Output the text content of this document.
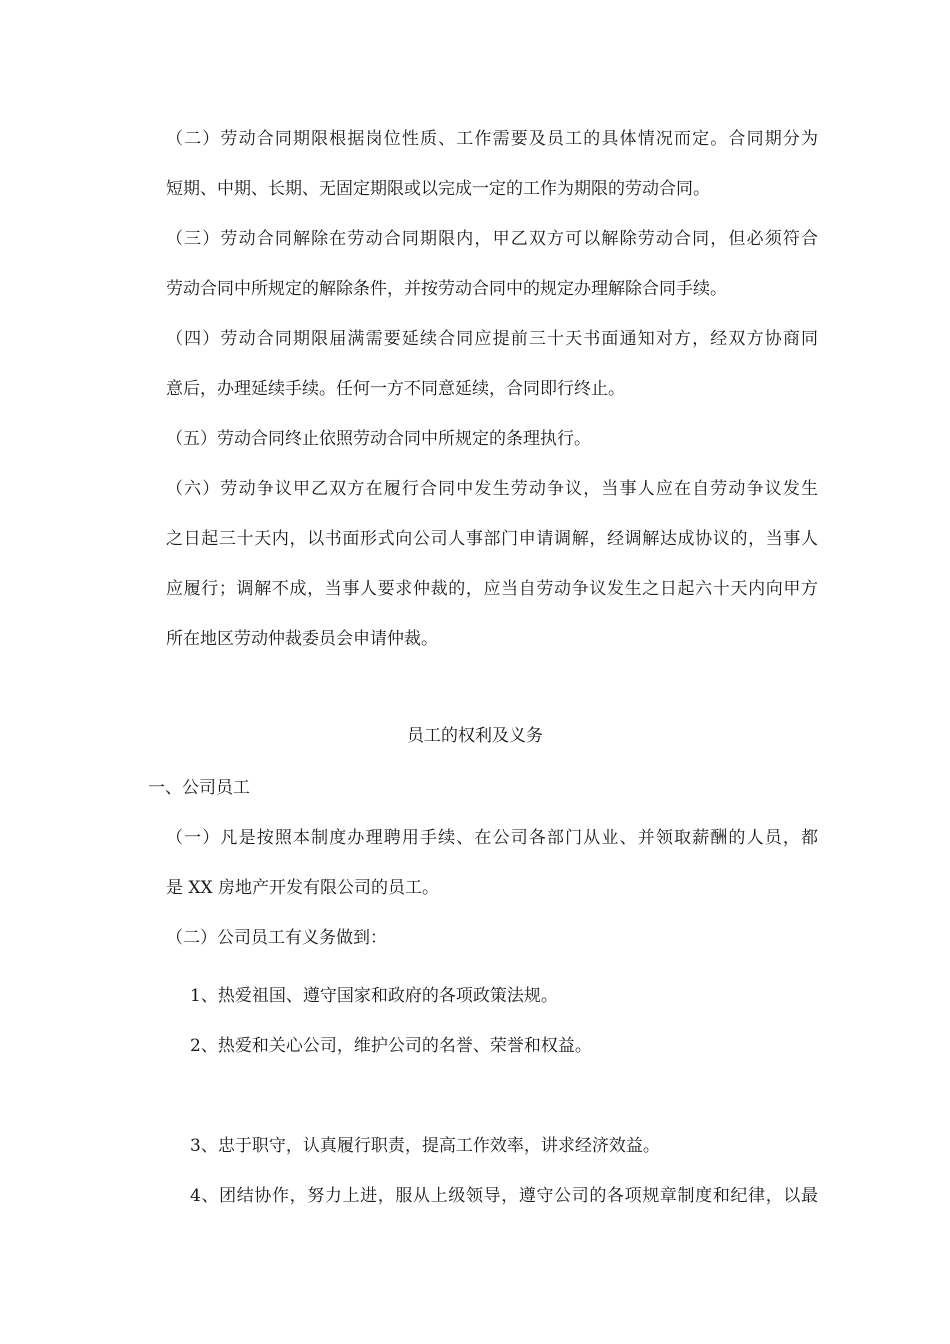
（二）劳动合同期限根据岗位性质、工作需要及员工的具体情况而定。合同期分为
短期、中期、长期、无固定期限或以完成一定的工作为期限的劳动合同。
（三）劳动合同解除在劳动合同期限内，甲乙双方可以解除劳动合同，但必须符合
劳动合同中所规定的解除条件，并按劳动合同中的规定办理解除合同手续。
（四）劳动合同期限届满需要延续合同应提前三十天书面通知对方，经双方协商同
意后，办理延续手续。任何一方不同意延续，合同即行终止。
（五）劳动合同终止依照劳动合同中所规定的条理执行。
（六）劳动争议甲乙双方在履行合同中发生劳动争议，当事人应在自劳动争议发生
之日起三十天内，以书面形式向公司人事部门申请调解，经调解达成协议的，当事人
应履行；调解不成，当事人要求仲裁的，应当自劳动争议发生之日起六十天内向甲方
所在地区劳动仲裁委员会申请仲裁。
员工的权利及义务
一、公司员工
（一）凡是按照本制度办理聘用手续、在公司各部门从业、并领取薪酬的人员，都
是 XX 房地产开发有限公司的员工。
（二）公司员工有义务做到：
1、热爱祖国、遵守国家和政府的各项政策法规。
2、热爱和关心公司，维护公司的名誉、荣誉和权益。
3、忠于职守，认真履行职责，提高工作效率，讲求经济效益。
4、团结协作，努力上进，服从上级领导，遵守公司的各项规章制度和纪律，以最
